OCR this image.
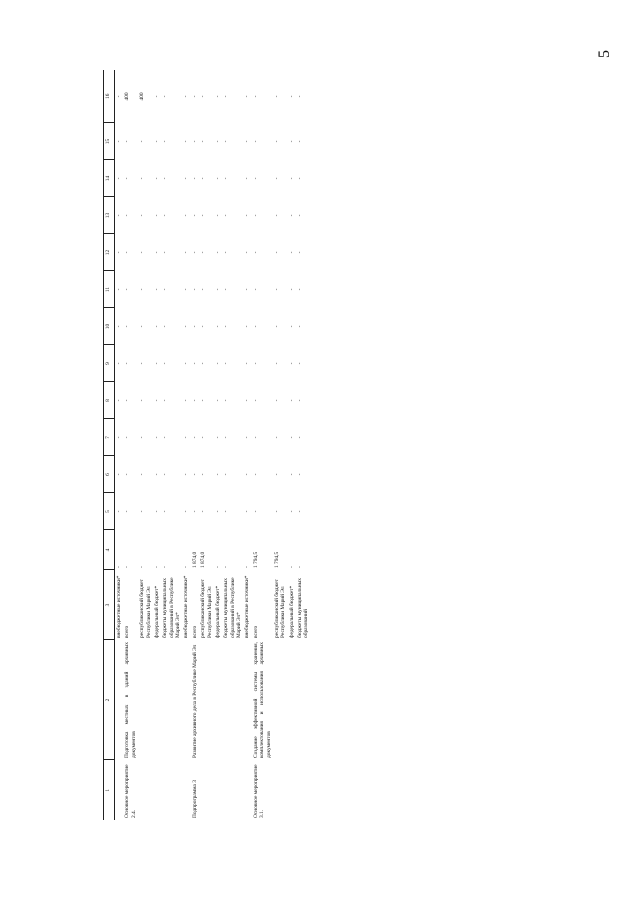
5
1	2	3	4	5	6	7	8	9	10	11	12	13	14	15	16
		внебюджетные источники*	-	-	-	-	-	-	-	-	-	-	-	-	-
Основное мероприятие 2.4.	Подготовка местных в зданий архивных документов	всего	-	-	-	-	-	-	-	-	-	-	-	-	400
		республиканский бюджет Республики Марий Эл	-	-	-	-	-	-	-	-	-	-	-	-	400
		федеральный бюджет*	-	-	-	-	-	-	-	-	-	-	-	-	-
		бюджеты муниципальных образований в Республике Марий Эл*	-	-	-	-	-	-	-	-	-	-	-	-	-
		внебюджетные источники*	-	-	-	-	-	-	-	-	-	-	-	-	-
Подпрограмма 3	Развитие архивного дела в Республике Марий Эл	всего	1 874,0	-	-	-	-	-	-	-	-	-	-	-	-
		республиканский бюджет Республики Марий Эл	1 874,0	-	-	-	-	-	-	-	-	-	-	-	-
		федеральный бюджет*	-	-	-	-	-	-	-	-	-	-	-	-	-
		бюджеты муниципальных образований в Республике Марий Эл*	-	-	-	-	-	-	-	-	-	-	-	-	-
		внебюджетные источники*	-	-	-	-	-	-	-	-	-	-	-	-	-
Основное мероприятие 3.1.	Создание эффективной системы хранения, комплектования и использования архивных документов	всего	1 794,5	-	-	-	-	-	-	-	-	-	-	-	-
		республиканский бюджет Республики Марий Эл	1 794,5	-	-	-	-	-	-	-	-	-	-	-	-
		федеральный бюджет*	-	-	-	-	-	-	-	-	-	-	-	-	-
		бюджеты муниципальных образований	-	-	-	-	-	-	-	-	-	-	-	-	-
